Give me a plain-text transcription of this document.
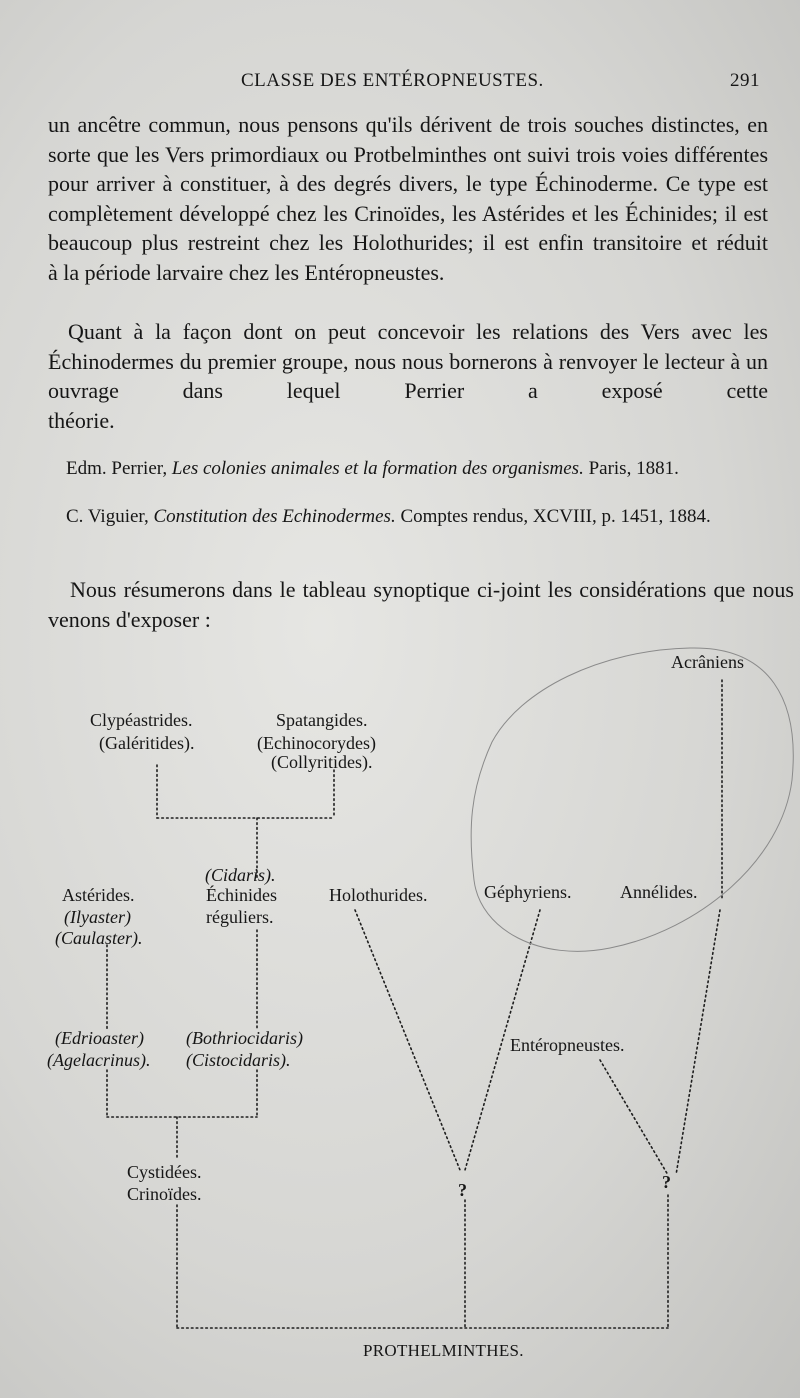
CLASSE DES ENTÉROPNEUSTES.	291

un ancêtre commun, nous pensons qu'ils dérivent de trois souches distinctes, en sorte que les Vers primordiaux ou Protbelminthes ont suivi trois voies différentes pour arriver à constituer, à des degrés divers, le type Échinoderme. Ce type est complètement développé chez les Crinoïdes, les Astérides et les Échinides; il est beaucoup plus restreint chez les Holothurides; il est enfin transitoire et réduit
à la période larvaire chez les Entéropneustes.

Quant à la façon dont on peut concevoir les relations des Vers avec les Échinodermes du premier groupe, nous nous bornerons à renvoyer le lecteur à un ouvrage dans lequel Perrier a exposé cette
théorie.

Edm. Perrier, Les colonies animales et la formation des organismes. Paris, 1881.

C. Viguier, Constitution des Echinodermes. Comptes rendus, XCVIII, p. 1451, 1884.

Nous résumerons dans le tableau synoptique ci-joint les considérations que nous venons d'exposer :

Acrâniens
Clypéastrides.
(Galéritides).
Spatangides.
(Echinocorydes)
(Collyritides).
(Cidaris).
Astérides.
(Ilyaster)
(Caulaster).
Échinides
réguliers.
Holothurides.	Géphyriens.	Annélides.
(Edrioaster)
(Agelacrinus).
(Bothriocidaris)
(Cistocidaris).
Entéropneustes.
Cystidées.
Crinoïdes.	?	?
PROTHELMINTHES.
